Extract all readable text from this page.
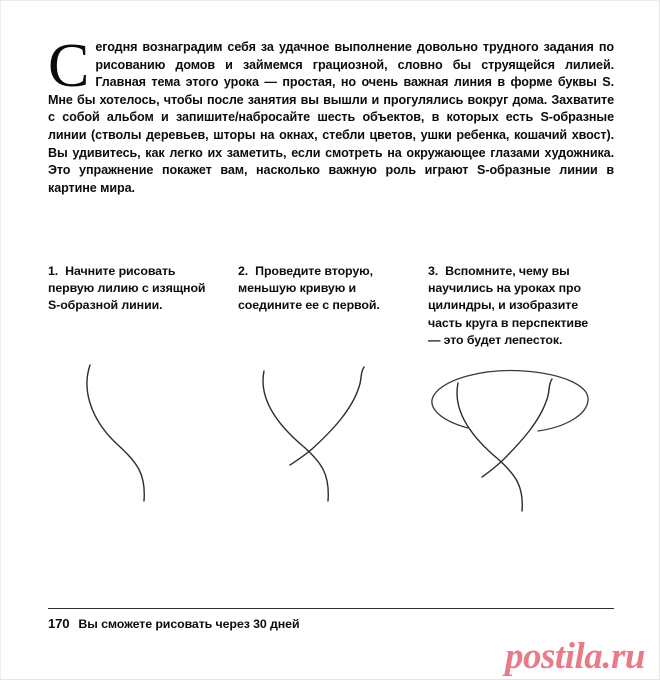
С егодня вознаградим себя за удачное выполнение довольно трудного задания по рисованию домов и займемся грациозной, словно бы струящейся лилией. Главная тема этого урока — простая, но очень важная линия в форме буквы S. Мне бы хотелось, чтобы после занятия вы вышли и прогулялись вокруг дома. Захватите с собой альбом и запишите/набросайте шесть объектов, в которых есть S-образные линии (стволы деревьев, шторы на окнах, стебли цветов, ушки ребенка, кошачий хвост). Вы удивитесь, как легко их заметить, если смотреть на окружающее глазами художника. Это упражнение покажет вам, насколько важную роль играют S-образные линии в картине мира.

1. Начните рисовать первую лилию с изящной S-образной линии.

2. Проведите вторую, меньшую кривую и соедините ее с первой.

3. Вспомните, чему вы научились на уроках про цилиндры, и изобразите часть круга в перспективе — это будет лепесток.

170 Вы сможете рисовать через 30 дней
postila.ru
